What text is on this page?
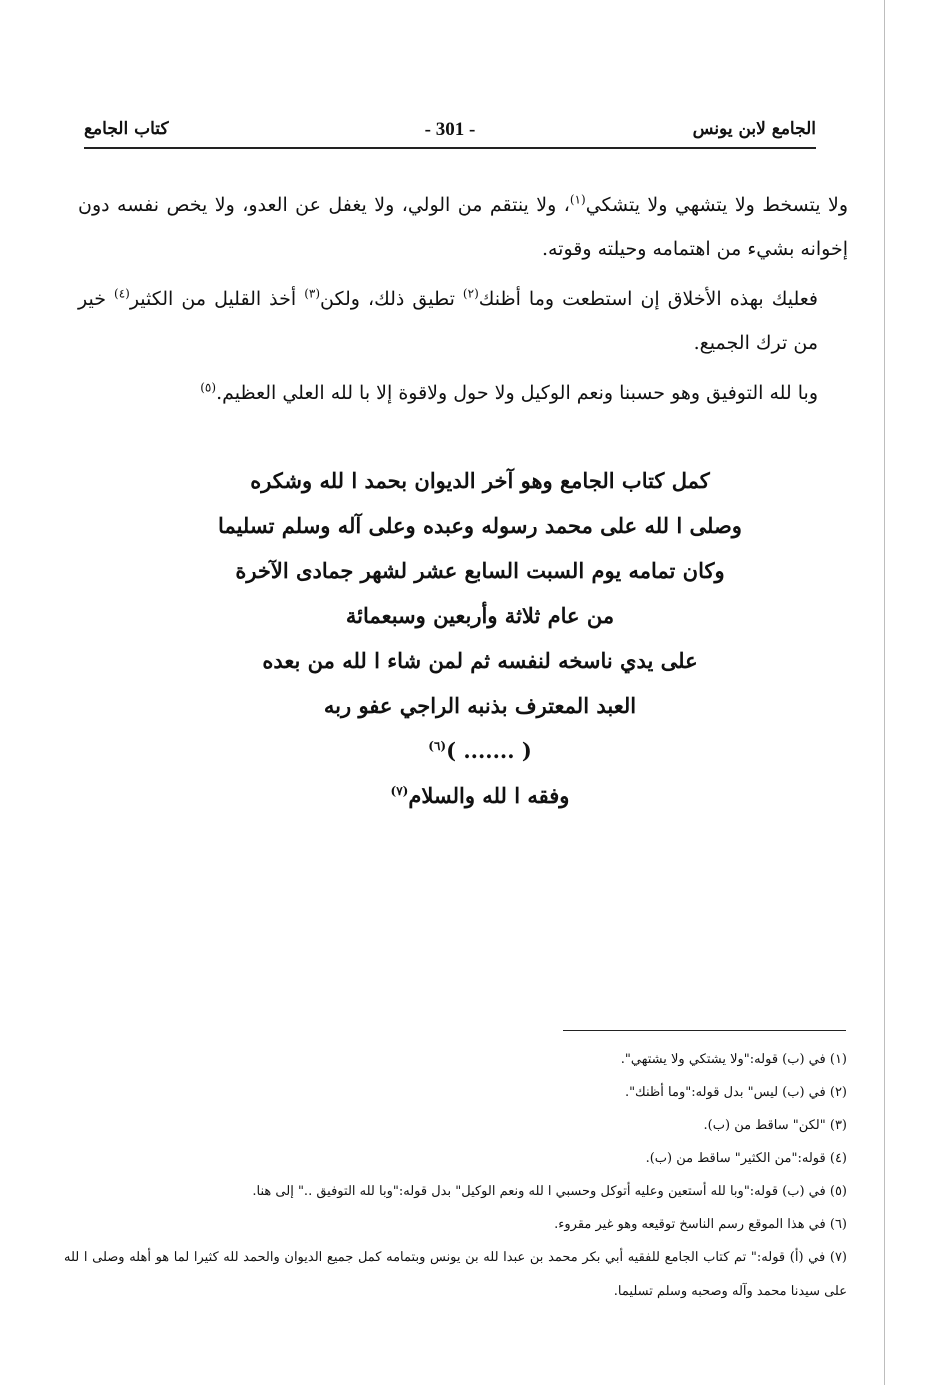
الجامع لابن يونس
- 301 -
كتاب الجامع

ولا يتسخط ولا يتشهي ولا يتشكي$^{(١)}$، ولا ينتقم من الولي، ولا يغفل عن العدو، ولا يخص نفسه دون إخوانه بشيء من اهتمامه وحيلته وقوته.

فعليك بهذه الأخلاق إن استطعت وما أظنك$^{(٢)}$ تطيق ذلك، ولكن$^{(٣)}$ أخذ القليل من الكثير$^{(٤)}$ خير من ترك الجميع.

وبا لله التوفيق وهو حسبنا ونعم الوكيل ولا حول ولاقوة إلا با لله العلي العظيم.$^{(٥)}$

كمل كتاب الجامع وهو آخر الديوان بحمد ا لله وشكره
وصلى ا لله على محمد رسوله وعبده وعلى آله وسلم تسليما
وكان تمامه يوم السبت السابع عشر لشهر جمادى الآخرة
من عام ثلاثة وأربعين وسبعمائة
على يدي ناسخه لنفسه ثم لمن شاء ا لله من بعده
العبد المعترف بذنبه الراجي عفو ربه
( ....... )$^{(٦)}$
وفقه ا لله والسلام$^{(٧)}$
(١) في (ب) قوله:"ولا يشتكي ولا يشتهي".
(٢) في (ب) ليس" بدل قوله:"وما أظنك".
(٣) "لكن" ساقط من (ب).
(٤) قوله:"من الكثير" ساقط من (ب).
(٥) في (ب) قوله:"وبا لله أستعين وعليه أتوكل وحسبي ا لله ونعم الوكيل" بدل قوله:"وبا لله التوفيق .." إلى هنا.
(٦) في هذا الموقع رسم الناسخ توقيعه وهو غير مقروء.
(٧) في (أ) قوله:" تم كتاب الجامع للفقيه أبي بكر محمد بن عبدا لله بن يونس وبتمامه كمل جميع الديوان والحمد لله كثيرا لما هو أهله وصلى ا لله على سيدنا محمد وآله وصحبه وسلم تسليما.
